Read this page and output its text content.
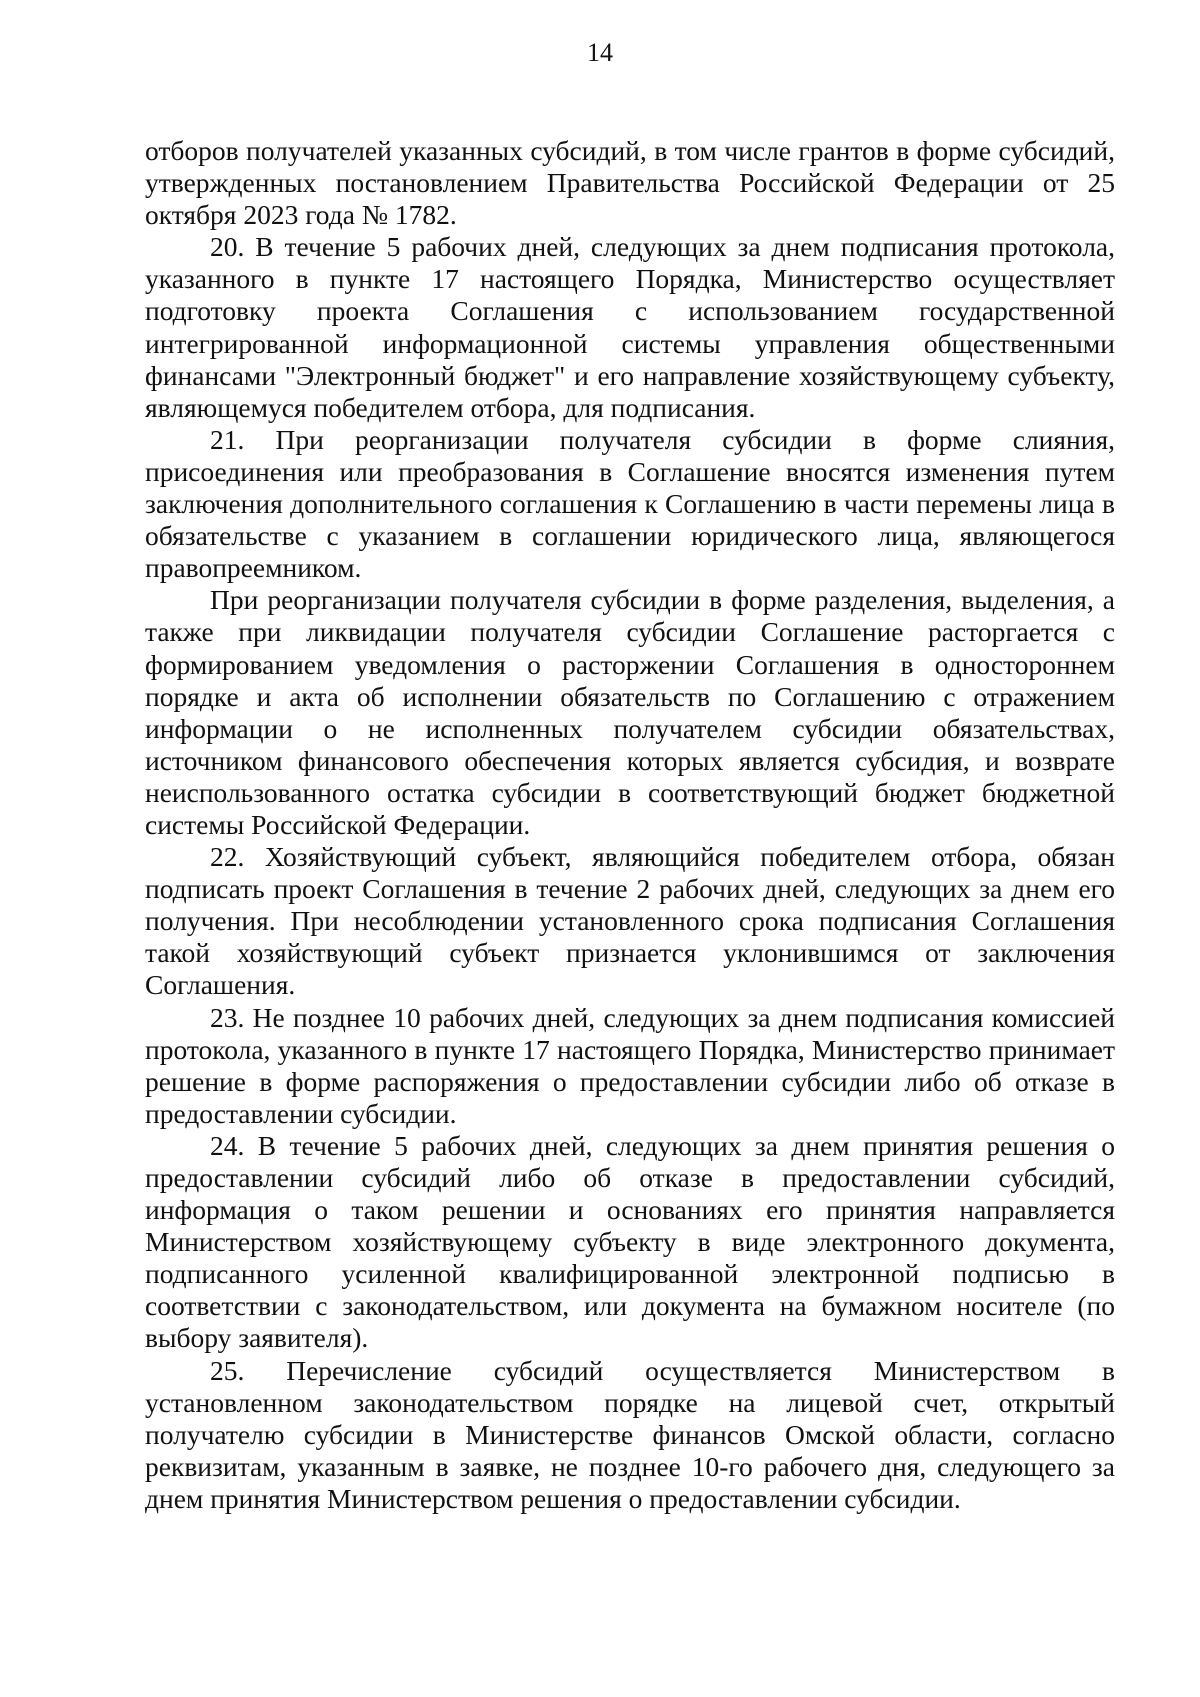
14

отборов получателей указанных субсидий, в том числе грантов в форме субсидий, утвержденных постановлением Правительства Российской Федерации от 25 октября 2023 года № 1782.

20. В течение 5 рабочих дней, следующих за днем подписания протокола, указанного в пункте 17 настоящего Порядка, Министерство осуществляет подготовку проекта Соглашения с использованием государственной интегрированной информационной системы управления общественными финансами "Электронный бюджет" и его направление хозяйствующему субъекту, являющемуся победителем отбора, для подписания.

21. При реорганизации получателя субсидии в форме слияния, присоединения или преобразования в Соглашение вносятся изменения путем заключения дополнительного соглашения к Соглашению в части перемены лица в обязательстве с указанием в соглашении юридического лица, являющегося правопреемником.

При реорганизации получателя субсидии в форме разделения, выделения, а также при ликвидации получателя субсидии Соглашение расторгается с формированием уведомления о расторжении Соглашения в одностороннем порядке и акта об исполнении обязательств по Соглашению с отражением информации о не исполненных получателем субсидии обязательствах, источником финансового обеспечения которых является субсидия, и возврате неиспользованного остатка субсидии в соответствующий бюджет бюджетной системы Российской Федерации.

22. Хозяйствующий субъект, являющийся победителем отбора, обязан подписать проект Соглашения в течение 2 рабочих дней, следующих за днем его получения. При несоблюдении установленного срока подписания Соглашения такой хозяйствующий субъект признается уклонившимся от заключения Соглашения.

23. Не позднее 10 рабочих дней, следующих за днем подписания комиссией протокола, указанного в пункте 17 настоящего Порядка, Министерство принимает решение в форме распоряжения о предоставлении субсидии либо об отказе в предоставлении субсидии.

24. В течение 5 рабочих дней, следующих за днем принятия решения о предоставлении субсидий либо об отказе в предоставлении субсидий, информация о таком решении и основаниях его принятия направляется Министерством хозяйствующему субъекту в виде электронного документа, подписанного усиленной квалифицированной электронной подписью в соответствии с законодательством, или документа на бумажном носителе (по выбору заявителя).

25. Перечисление субсидий осуществляется Министерством в установленном законодательством порядке на лицевой счет, открытый получателю субсидии в Министерстве финансов Омской области, согласно реквизитам, указанным в заявке, не позднее 10-го рабочего дня, следующего за днем принятия Министерством решения о предоставлении субсидии.
